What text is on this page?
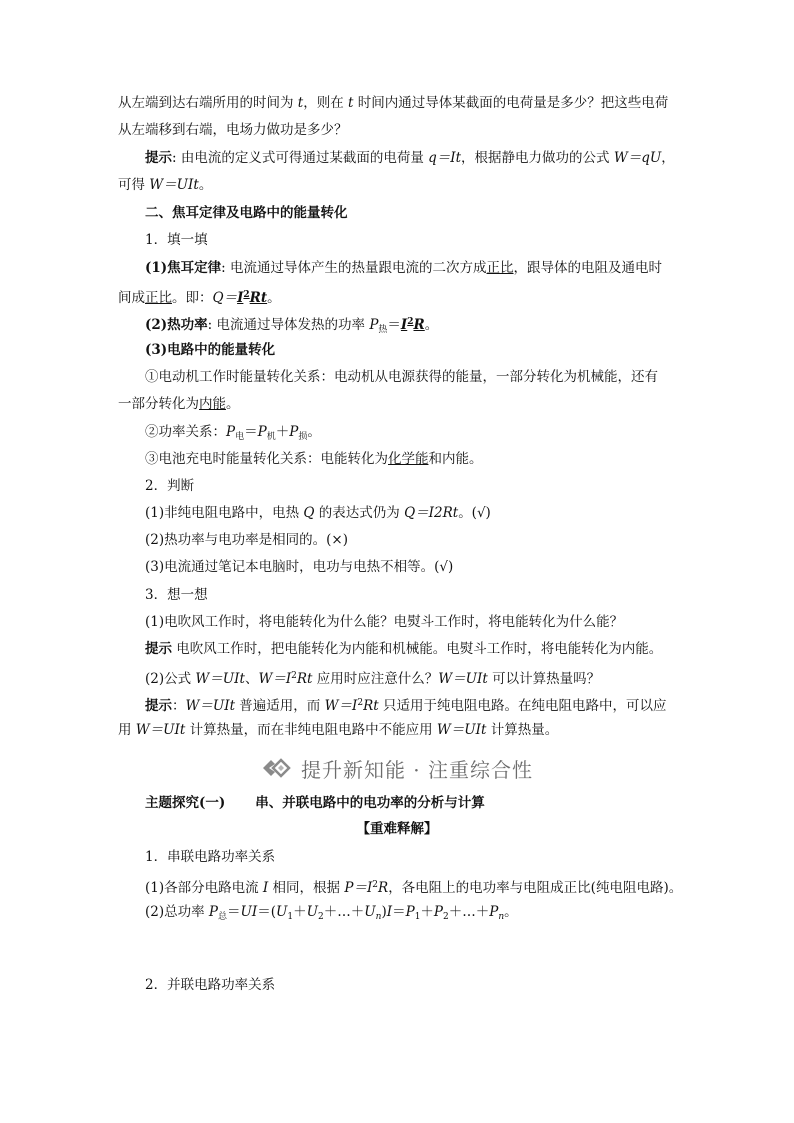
从左端到达右端所用的时间为 t，则在 t 时间内通过导体某截面的电荷量是多少？把这些电荷
从左端移到右端，电场力做功是多少？
提示: 由电流的定义式可得通过某截面的电荷量 q＝It，根据静电力做功的公式 W＝qU，
可得 W＝UIt。
二、焦耳定律及电路中的能量转化
1．填一填
(1)焦耳定律: 电流通过导体产生的热量跟电流的二次方成正比，跟导体的电阻及通电时
间成正比。即：$Q=I^2Rt$。
(2)热功率: 电流通过导体发热的功率 $P_热=I^2R$。
(3)电路中的能量转化
①电动机工作时能量转化关系：电动机从电源获得的能量，一部分转化为机械能，还有
一部分转化为内能。
②功率关系：$P_电=P_机+P_损$。
③电池充电时能量转化关系：电能转化为化学能和内能。
2．判断
(1)非纯电阻电路中，电热 Q 的表达式仍为 Q＝I2Rt。(√)
(2)热功率与电功率是相同的。(×)
(3)电流通过笔记本电脑时，电功与电热不相等。(√)
3．想一想
(1)电吹风工作时，将电能转化为什么能？电熨斗工作时，将电能转化为什么能？
提示 电吹风工作时，把电能转化为内能和机械能。电熨斗工作时，将电能转化为内能。
(2)公式 W＝UIt、$W=I^2Rt$ 应用时应注意什么？W＝UIt 可以计算热量吗？
提示：W＝UIt 普遍适用，而 $W=I^2Rt$ 只适用于纯电阻电路。在纯电阻电路中，可以应
用 W＝UIt 计算热量，而在非纯电阻电路中不能应用 W＝UIt 计算热量。
提升新知能 · 注重综合性
主题探究(一) 串、并联电路中的电功率的分析与计算
【重难释解】
1．串联电路功率关系
(1)各部分电路电流 I 相同，根据 $P=I^2R$，各电阻上的电功率与电阻成正比(纯电阻电路)。
(2)总功率 $P_总=UI=(U_1+U_2+\dots+U_n)I=P_1+P_2+\dots+P_n$。
2．并联电路功率关系
